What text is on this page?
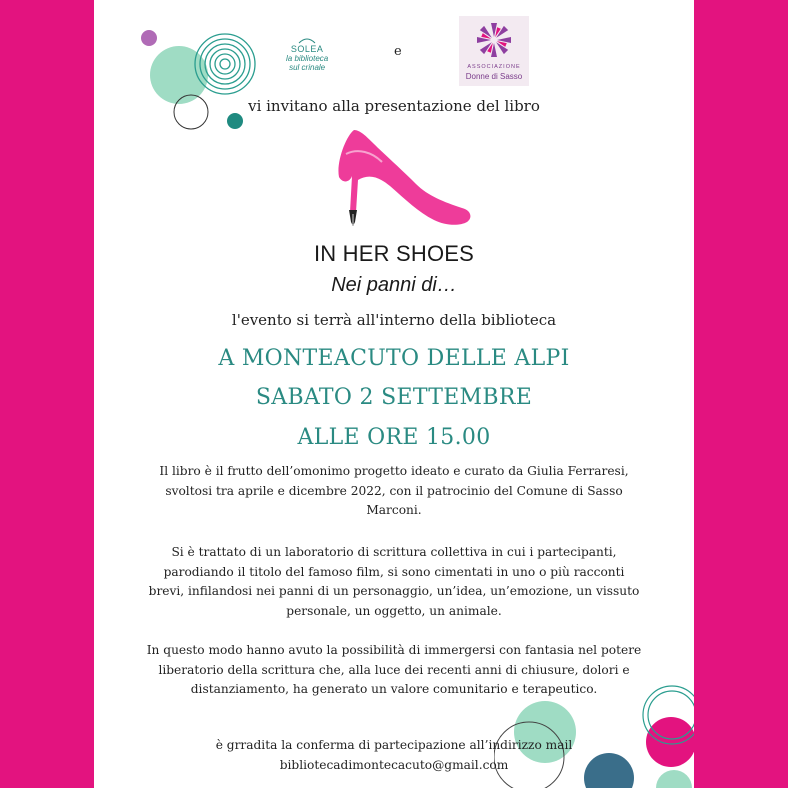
SOLEA
la biblioteca
sul crinale
e
ASSOCIAZIONE
Donne di Sasso
vi invitano alla presentazione del libro
IN HER SHOES
Nei panni di…
l'evento si terrà all'interno della biblioteca
A MONTEACUTO DELLE ALPI
SABATO 2 SETTEMBRE
ALLE ORE 15.00
Il libro è il frutto dell’omonimo progetto ideato e curato da Giulia Ferraresi, svoltosi tra aprile e dicembre 2022, con il patrocinio del Comune di Sasso Marconi.
Si è trattato di un laboratorio di scrittura collettiva in cui i partecipanti, parodiando il titolo del famoso film, si sono cimentati in uno o più racconti brevi, infilandosi nei panni di un personaggio, un’idea, un’emozione, un vissuto personale, un oggetto, un animale.
In questo modo hanno avuto la possibilità di immergersi con fantasia nel potere liberatorio della scrittura che, alla luce dei recenti anni di chiusure, dolori e distanziamento, ha generato un valore comunitario e terapeutico.
è grradita la conferma di partecipazione all’indirizzo mail
bibliotecadimontecacuto@gmail.com
